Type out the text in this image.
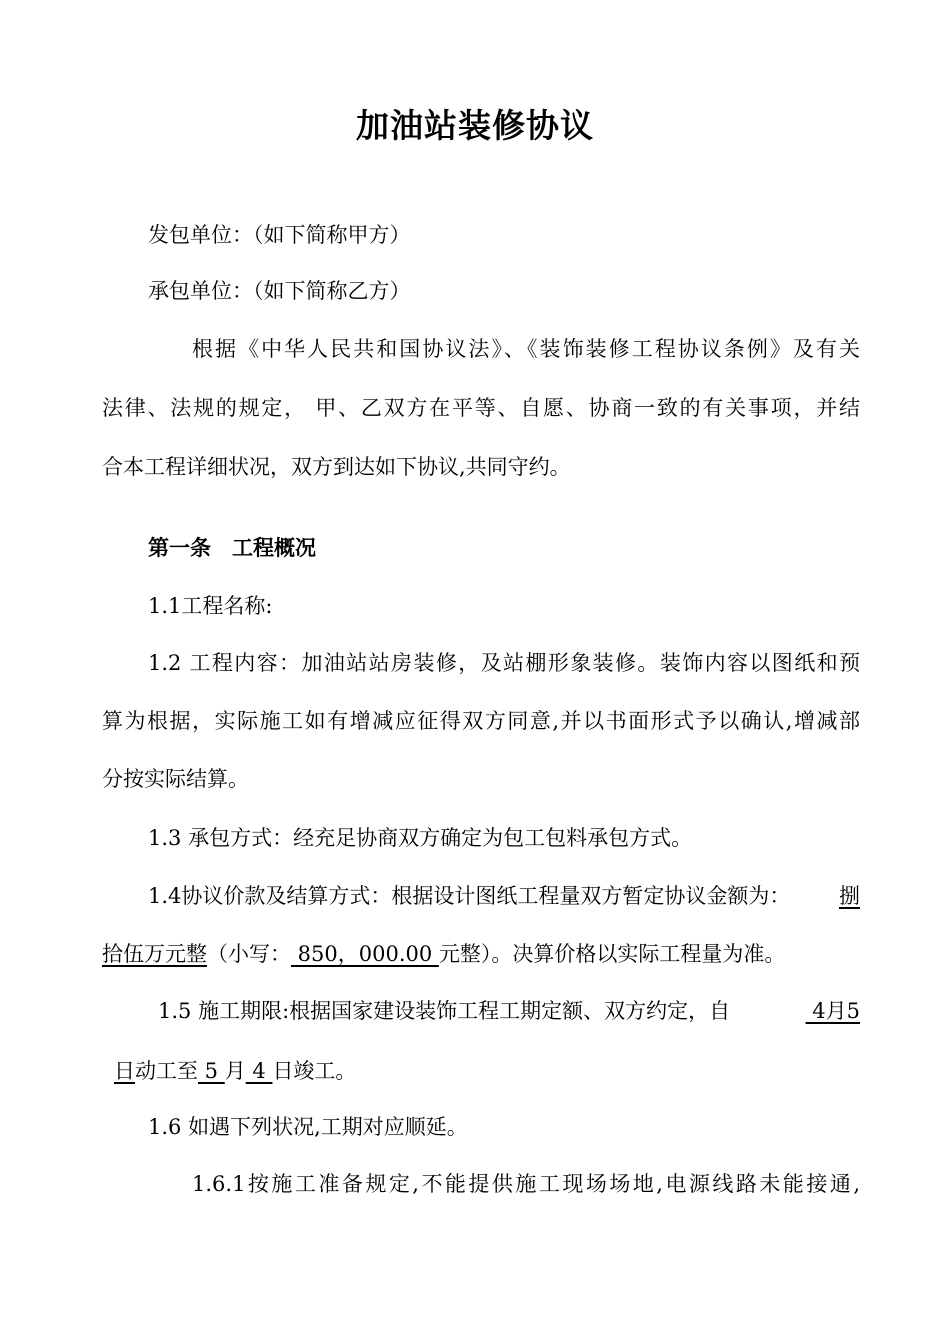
加油站装修协议
发包单位：（如下简称甲方）
承包单位：（如下简称乙方）
根据《中华人民共和国协议法》、《装饰装修工程协议条例》及有关
法律、法规的规定， 甲、乙双方在平等、自愿、协商一致的有关事项，并结
合本工程详细状况，双方到达如下协议,共同守约。
第一条　工程概况
1.1工程名称:
1.2 工程内容：加油站站房装修，及站棚形象装修。装饰内容以图纸和预
算为根据，实际施工如有增减应征得双方同意,并以书面形式予以确认,增减部
分按实际结算。
1.3 承包方式：经充足协商双方确定为包工包料承包方式。
1.4协议价款及结算方式：根据设计图纸工程量双方暂定协议金额为： 捌
拾伍万元整（小写： 850，000.00 元整）。决算价格以实际工程量为准。
1.5 施工期限:根据国家建设装饰工程工期定额、双方约定，自	4月5
日动工至 5 月 4 日竣工。
1.6 如遇下列状况,工期对应顺延。
1.6.1按施工准备规定,不能提供施工现场场地,电源线路未能接通,
